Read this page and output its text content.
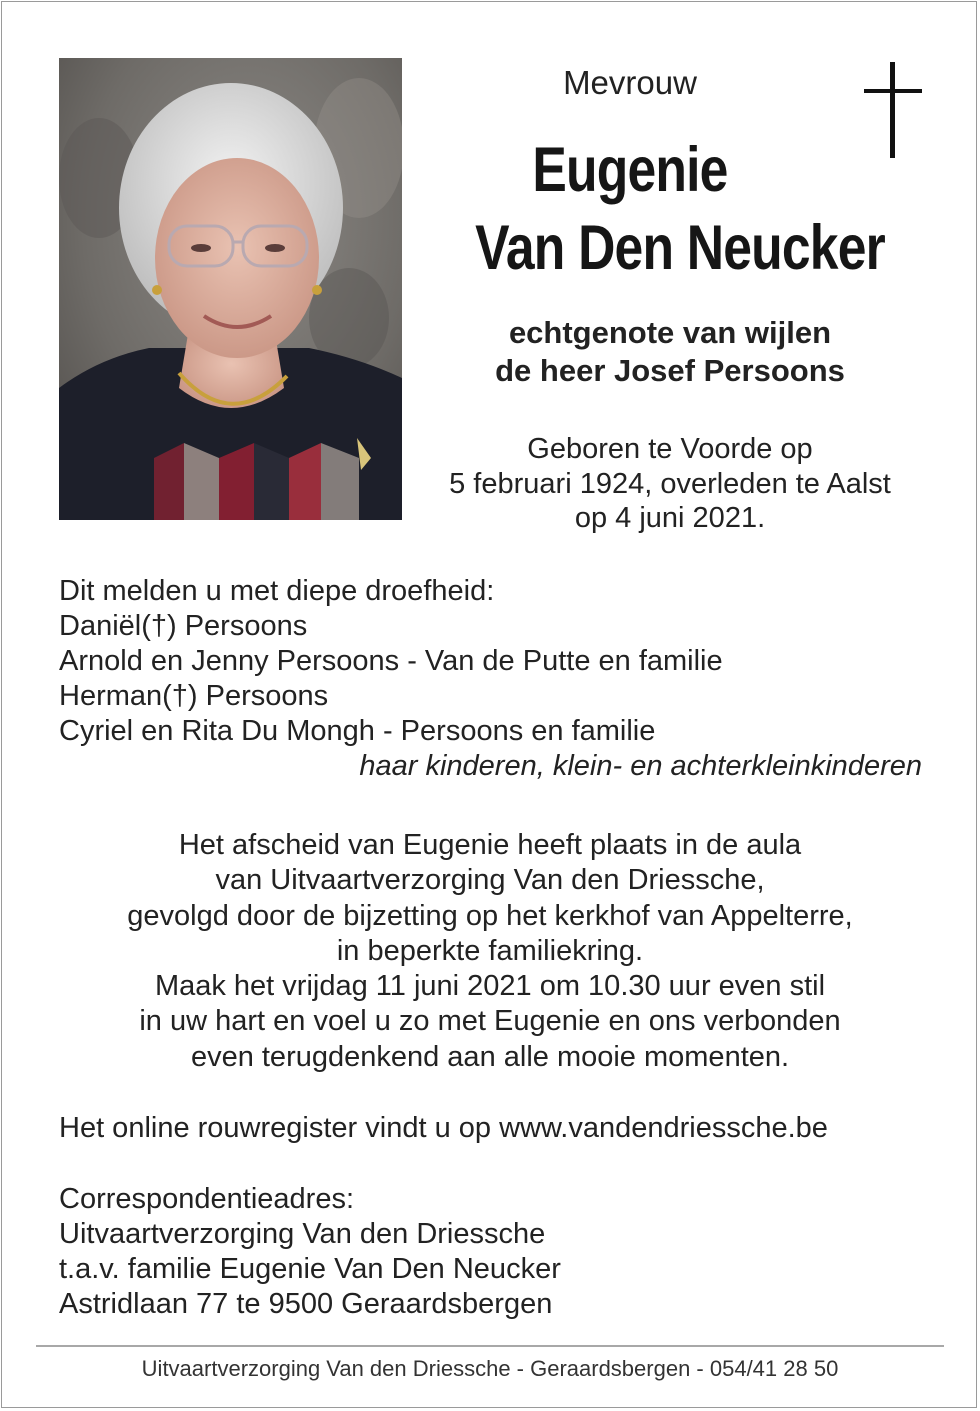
Mevrouw
Eugenie
Van Den Neucker
echtgenote van wijlen
de heer Josef Persoons
Geboren te Voorde op
5 februari 1924, overleden te Aalst
op 4 juni 2021.
Dit melden u met diepe droefheid:
Daniël(†) Persoons
Arnold en Jenny Persoons - Van de Putte en familie
Herman(†) Persoons
Cyriel en Rita Du Mongh - Persoons en familie
haar kinderen, klein- en achterkleinkinderen
Het afscheid van Eugenie heeft plaats in de aula
van Uitvaartverzorging Van den Driessche,
gevolgd door de bijzetting op het kerkhof van Appelterre,
in beperkte familiekring.
Maak het vrijdag 11 juni 2021 om 10.30 uur even stil
in uw hart en voel u zo met Eugenie en ons verbonden
even terugdenkend aan alle mooie momenten.
Het online rouwregister vindt u op www.vandendriessche.be
Correspondentieadres:
Uitvaartverzorging Van den Driessche
t.a.v. familie Eugenie Van Den Neucker
Astridlaan 77 te 9500 Geraardsbergen
Uitvaartverzorging Van den Driessche - Geraardsbergen - 054/41 28 50
